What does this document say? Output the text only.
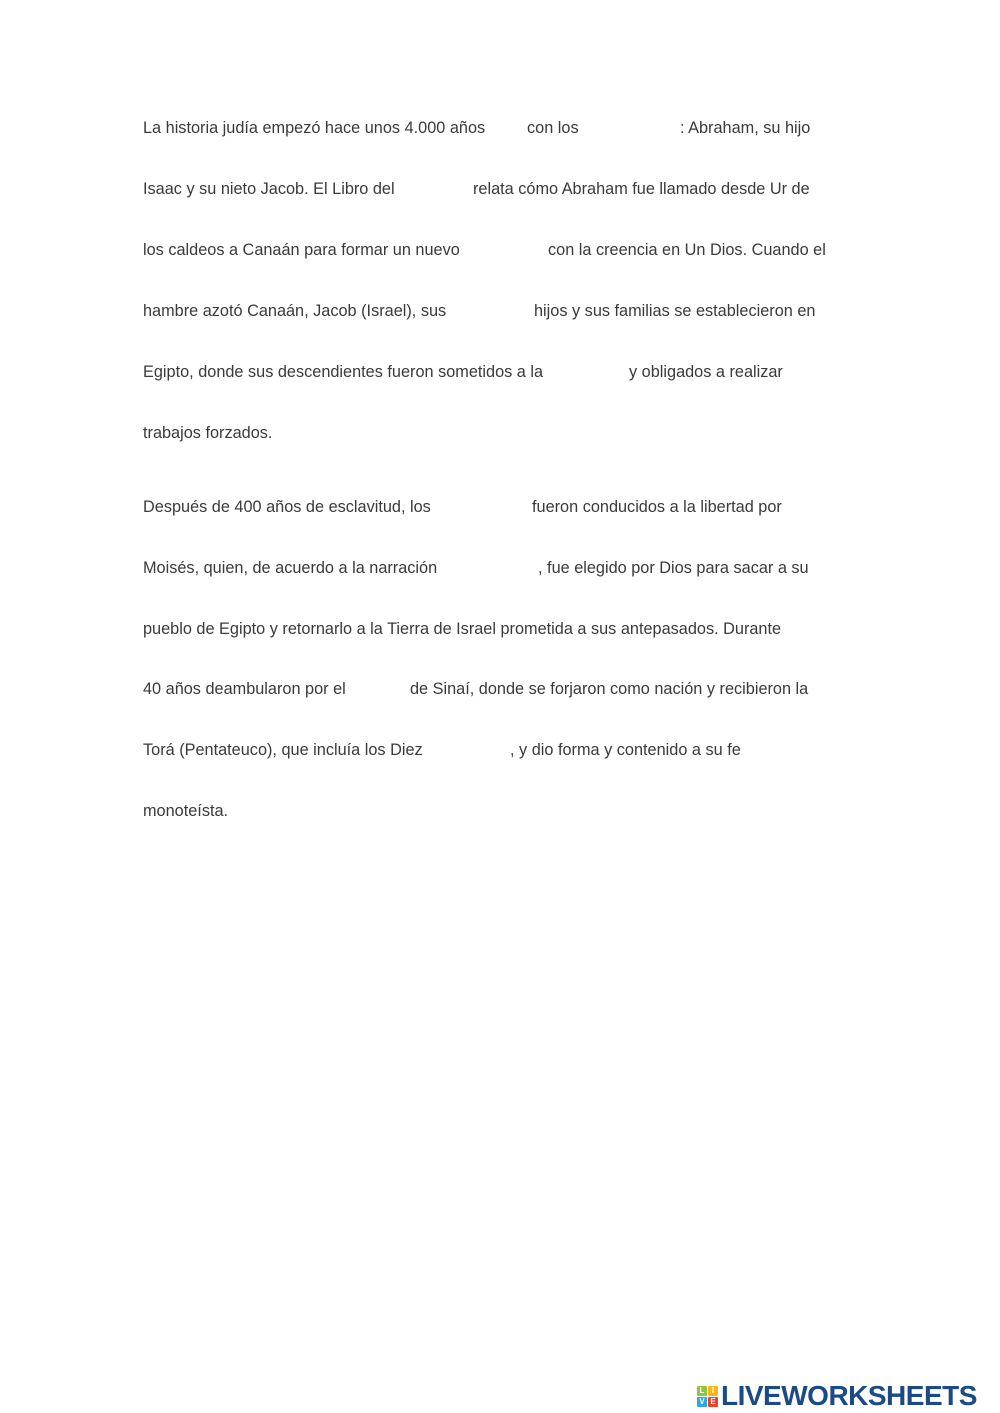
La historia judía empezó hace unos 4.000 años	con los	: Abraham, su hijo
Isaac y su nieto Jacob. El Libro del	relata cómo Abraham fue llamado desde Ur de
los caldeos a Canaán para formar un nuevo	con la creencia en Un Dios. Cuando el
hambre azotó Canaán, Jacob (Israel), sus	hijos y sus familias se establecieron en
Egipto, donde sus descendientes fueron sometidos a la	y obligados a realizar
trabajos forzados.
Después de 400 años de esclavitud, los	fueron conducidos a la libertad por
Moisés, quien, de acuerdo a la narración	, fue elegido por Dios para sacar a su
pueblo de Egipto y retornarlo a la Tierra de Israel prometida a sus antepasados. Durante
40 años deambularon por el	de Sinaí, donde se forjaron como nación y recibieron la
Torá (Pentateuco), que incluía los Diez	, y dio forma y contenido a su fe
monoteísta.
L I
V E LIVEWORKSHEETS
